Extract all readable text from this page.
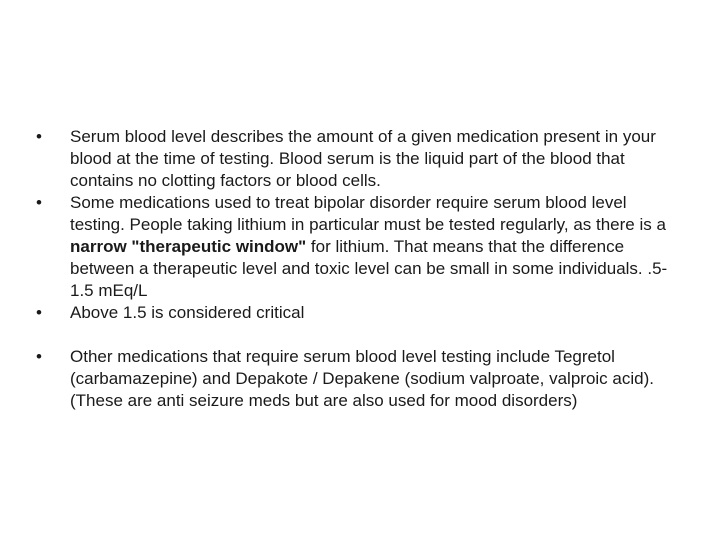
•	Serum blood level describes the amount of a given medication present in your blood at the time of testing. Blood serum is the liquid part of the blood that contains no clotting factors or blood cells.
•	Some medications used to treat bipolar disorder require serum blood level testing. People taking lithium in particular must be tested regularly, as there is a narrow "therapeutic window" for lithium. That means that the difference between a therapeutic level and toxic level can be small in some individuals. .5-1.5 mEq/L
•	Above 1.5 is considered critical
•	Other medications that require serum blood level testing include Tegretol (carbamazepine) and Depakote / Depakene (sodium valproate, valproic acid). (These are anti seizure meds but are also used for mood disorders)
